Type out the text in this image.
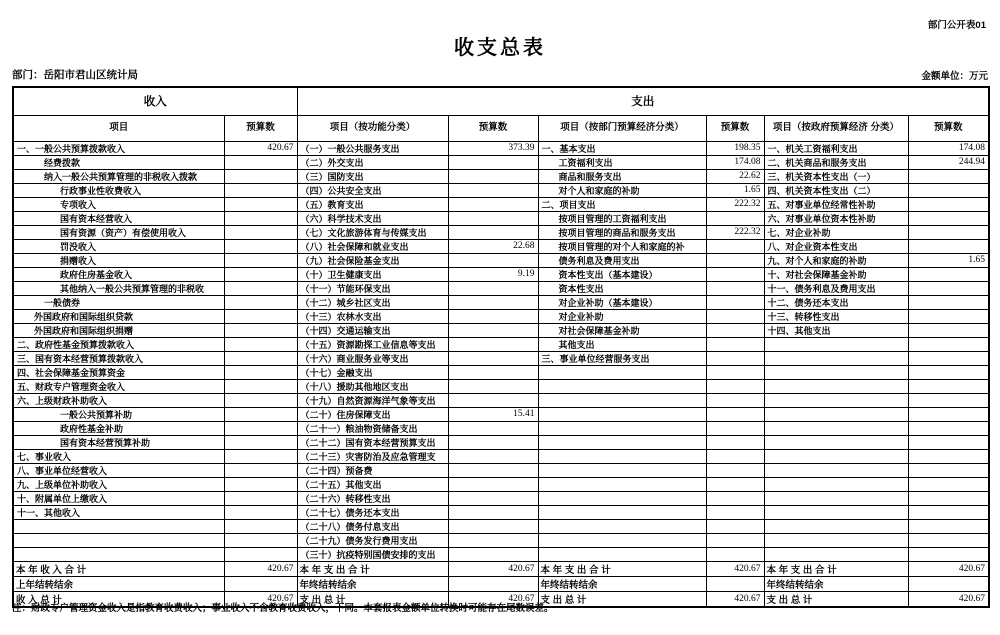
部门公开表01
收支总表
部门：岳阳市君山区统计局	金额单位：万元
收入		支出					
项目	预算数	项目（按功能分类）	预算数	项目（按部门预算经济分类）	预算数	项目（按政府预算经济 分类）	预算数
一、一般公共预算拨款收入	420.67	（一）一般公共服务支出	373.39	一、基本支出	198.35	一、机关工资福利支出	174.08
经费拨款		（二）外交支出		工资福利支出	174.08	二、机关商品和服务支出	244.94
纳入一般公共预算管理的非税收入拨款		（三）国防支出		商品和服务支出	22.62	三、机关资本性支出（一）	
行政事业性收费收入		（四）公共安全支出		对个人和家庭的补助	1.65	四、机关资本性支出（二）	
专项收入		（五）教育支出		二、项目支出	222.32	五、对事业单位经常性补助	
国有资本经营收入		（六）科学技术支出		按项目管理的工资福利支出		六、对事业单位资本性补助	
国有资源（资产）有偿使用收入		（七）文化旅游体育与传媒支出		按项目管理的商品和服务支出	222.32	七、对企业补助	
罚没收入		（八）社会保障和就业支出	22.68	按项目管理的对个人和家庭的补		八、对企业资本性支出	
捐赠收入		（九）社会保险基金支出		债务利息及费用支出		九、对个人和家庭的补助	1.65
政府住房基金收入		（十）卫生健康支出	9.19	资本性支出（基本建设）		十、对社会保障基金补助	
其他纳入一般公共预算管理的非税收		（十一）节能环保支出		资本性支出		十一、债务利息及费用支出	
一般债券		（十二）城乡社区支出		对企业补助（基本建设）		十二、债务还本支出	
外国政府和国际组织贷款		（十三）农林水支出		对企业补助		十三、转移性支出	
外国政府和国际组织捐赠		（十四）交通运输支出		对社会保障基金补助		十四、其他支出	
二、政府性基金预算拨款收入		（十五）资源勘探工业信息等支出		其他支出			
三、国有资本经营预算拨款收入		（十六）商业服务业等支出		三、事业单位经营服务支出			
四、社会保障基金预算资金		（十七）金融支出					
五、财政专户管理资金收入		（十八）援助其他地区支出					
六、上级财政补助收入		（十九）自然资源海洋气象等支出					
一般公共预算补助		（二十）住房保障支出	15.41				
政府性基金补助		（二十一）粮油物资储备支出					
国有资本经营预算补助		（二十二）国有资本经营预算支出					
七、事业收入		（二十三）灾害防治及应急管理支					
八、事业单位经营收入		（二十四）预备费					
九、上级单位补助收入		（二十五）其他支出					
十、附属单位上缴收入		（二十六）转移性支出					
十一、其他收入		（二十七）债务还本支出					
		（二十八）债务付息支出					
		（二十九）债务发行费用支出					
		（三十）抗疫特别国债安排的支出					
本 年 收 入 合 计	420.67	本 年 支 出 合 计	420.67	本 年 支 出 合 计	420.67	本 年 支 出 合 计	420.67
上年结转结余		年终结转结余		年终结转结余		年终结转结余	
收 入 总 计	420.67	支 出 总 计	420.67	支 出 总 计	420.67	支 出 总 计	420.67
注：财政专户管理资金收入是指教育收费收入；事业收入不含教育收费收入，下同。本套报表金额单位转换时可能存在尾数误差。
